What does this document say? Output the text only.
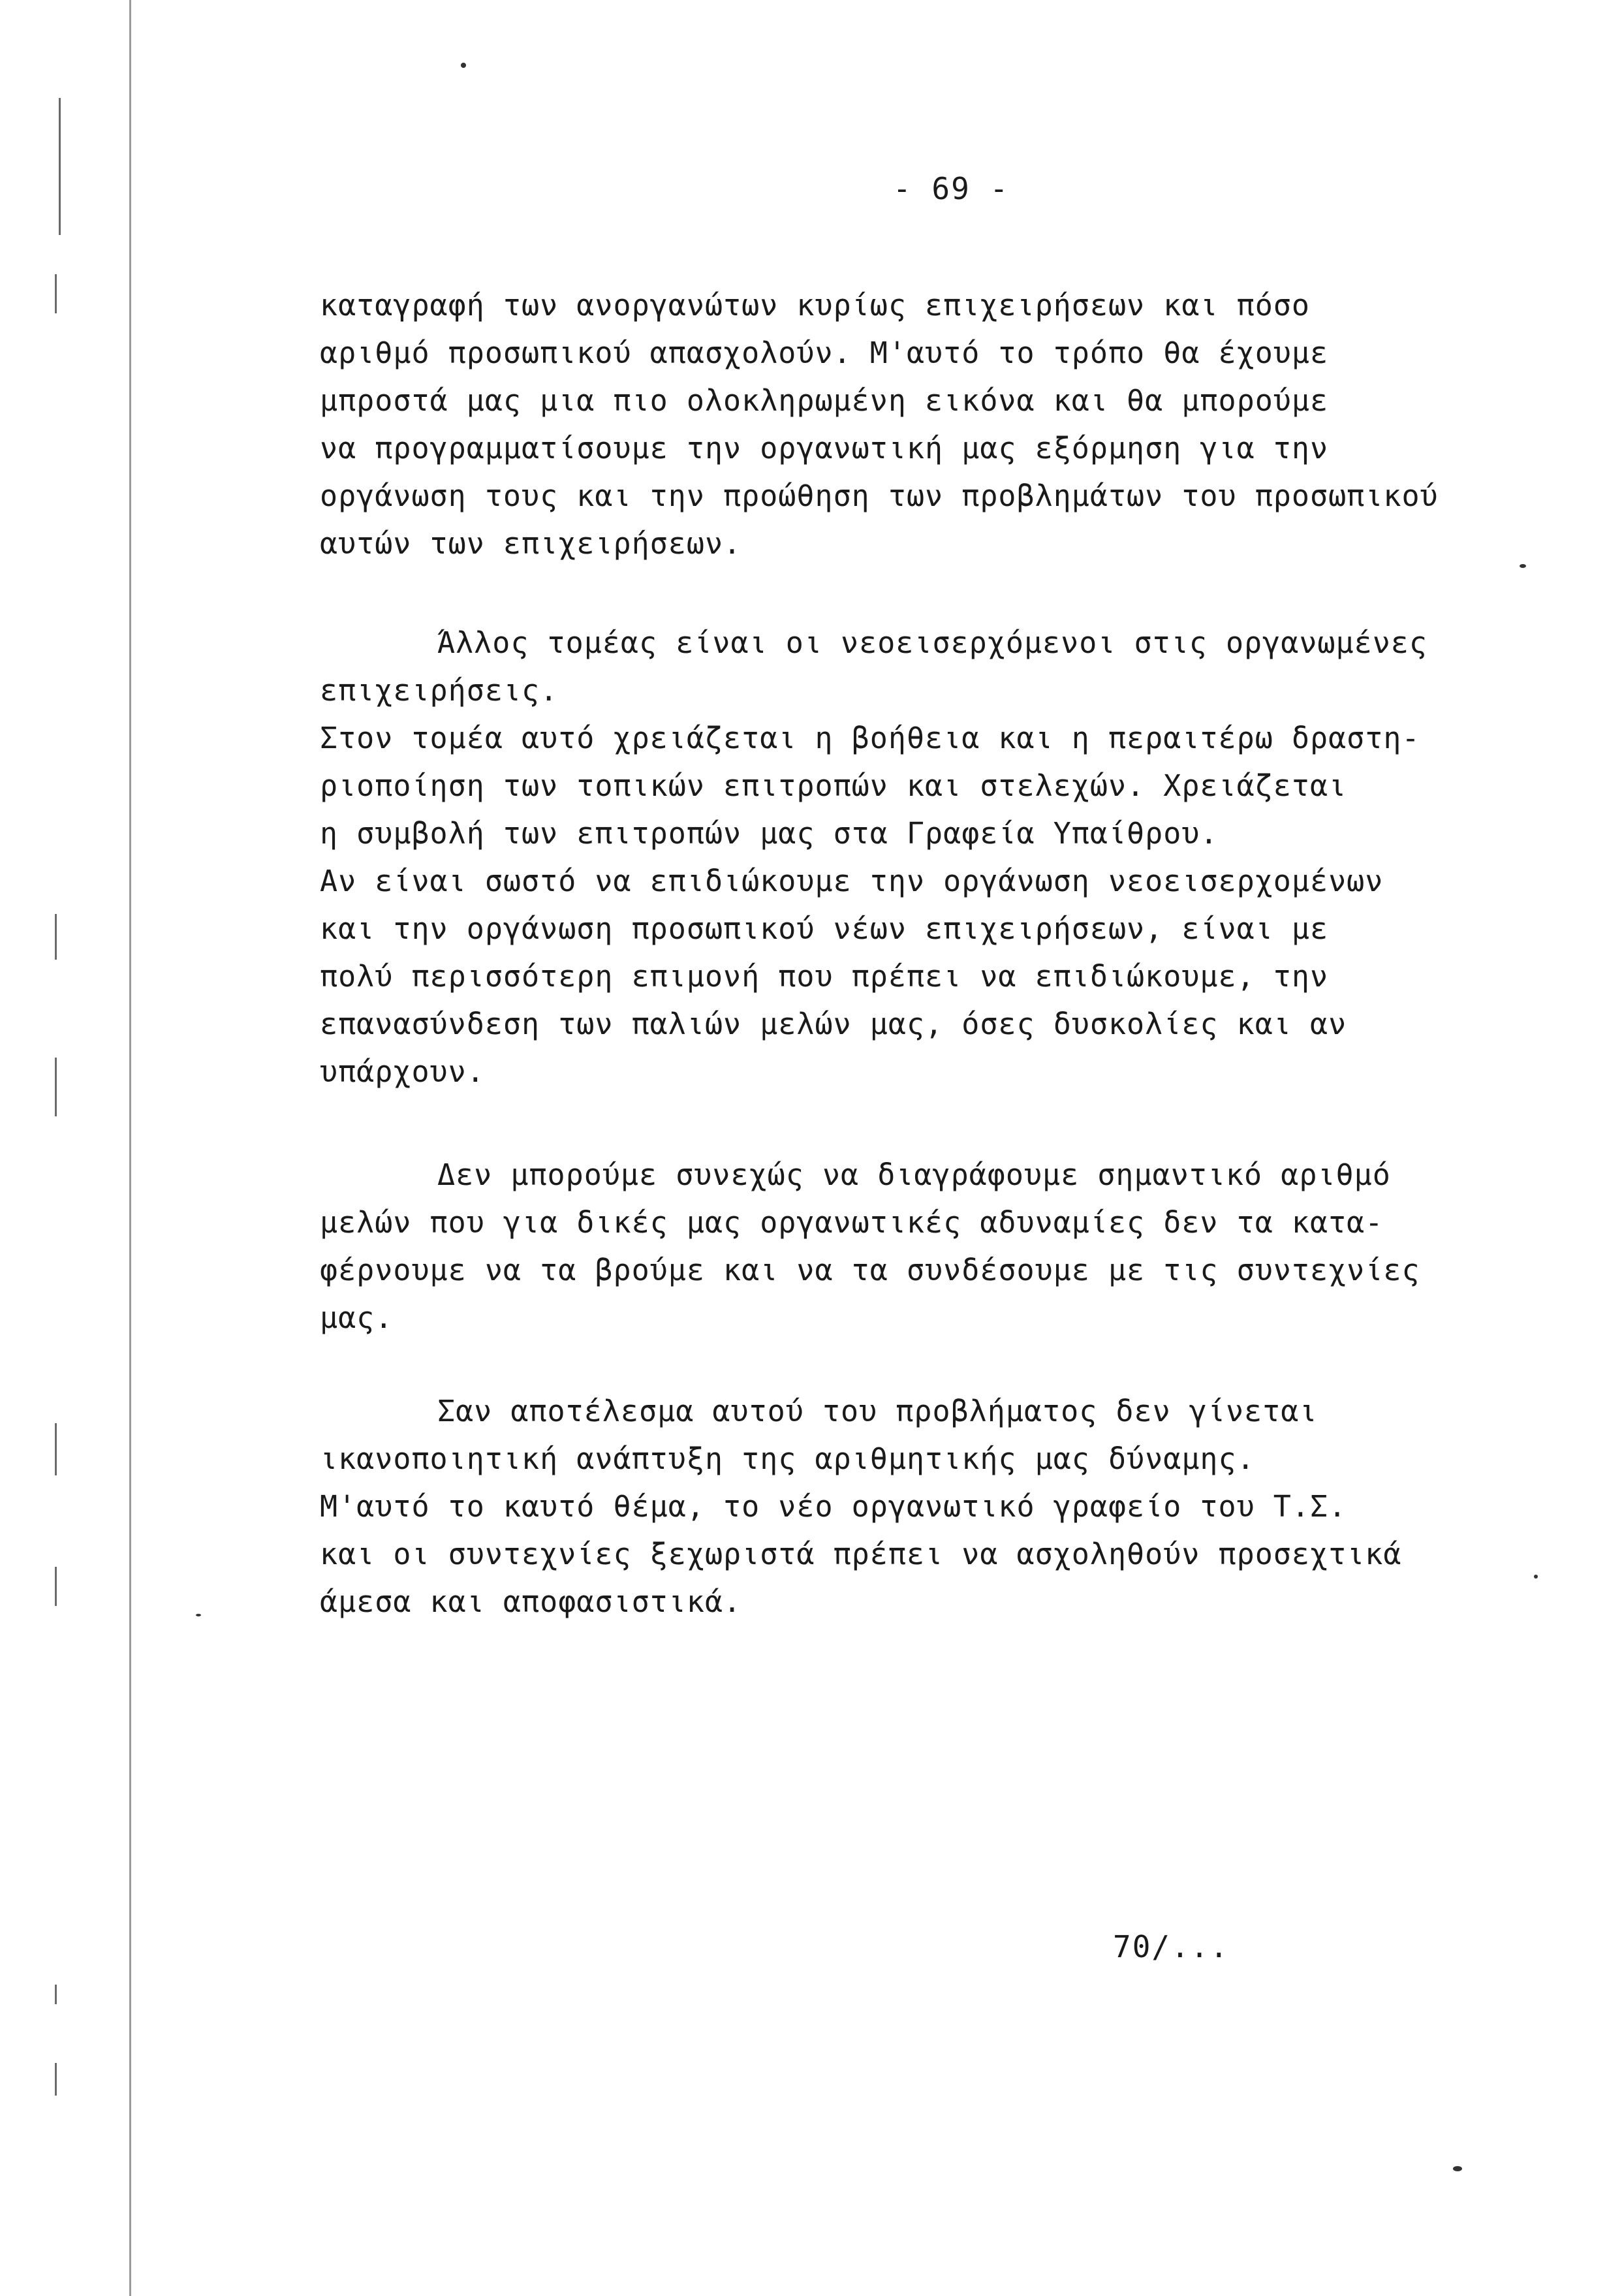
- 69 -
καταγραφή των ανοργανώτων κυρίως επιχειρήσεων και πόσο
αριθμό προσωπικού απασχολούν. Μ'αυτό το τρόπο θα έχουμε
μπροστά μας μια πιο ολοκληρωμένη εικόνα και θα μπορούμε
να προγραμματίσουμε την οργανωτική μας εξόρμηση για την
οργάνωση τους και την προώθηση των προβλημάτων του προσωπικού
αυτών των επιχειρήσεων.
Άλλος τομέας είναι οι νεοεισερχόμενοι στις οργανωμένες
επιχειρήσεις.
Στον τομέα αυτό χρειάζεται η βοήθεια και η περαιτέρω δραστη-
ριοποίηση των τοπικών επιτροπών και στελεχών. Χρειάζεται
η συμβολή των επιτροπών μας στα Γραφεία Υπαίθρου.
Αν είναι σωστό να επιδιώκουμε την οργάνωση νεοεισερχομένων
και την οργάνωση προσωπικού νέων επιχειρήσεων, είναι με
πολύ περισσότερη επιμονή που πρέπει να επιδιώκουμε, την
επανασύνδεση των παλιών μελών μας, όσες δυσκολίες και αν
υπάρχουν.
Δεν μπορούμε συνεχώς να διαγράφουμε σημαντικό αριθμό
μελών που για δικές μας οργανωτικές αδυναμίες δεν τα κατα-
φέρνουμε να τα βρούμε και να τα συνδέσουμε με τις συντεχνίες
μας.
Σαν αποτέλεσμα αυτού του προβλήματος δεν γίνεται
ικανοποιητική ανάπτυξη της αριθμητικής μας δύναμης.
Μ'αυτό το καυτό θέμα, το νέο οργανωτικό γραφείο του Τ.Σ.
και οι συντεχνίες ξεχωριστά πρέπει να ασχοληθούν προσεχτικά
άμεσα και αποφασιστικά.
70/...
